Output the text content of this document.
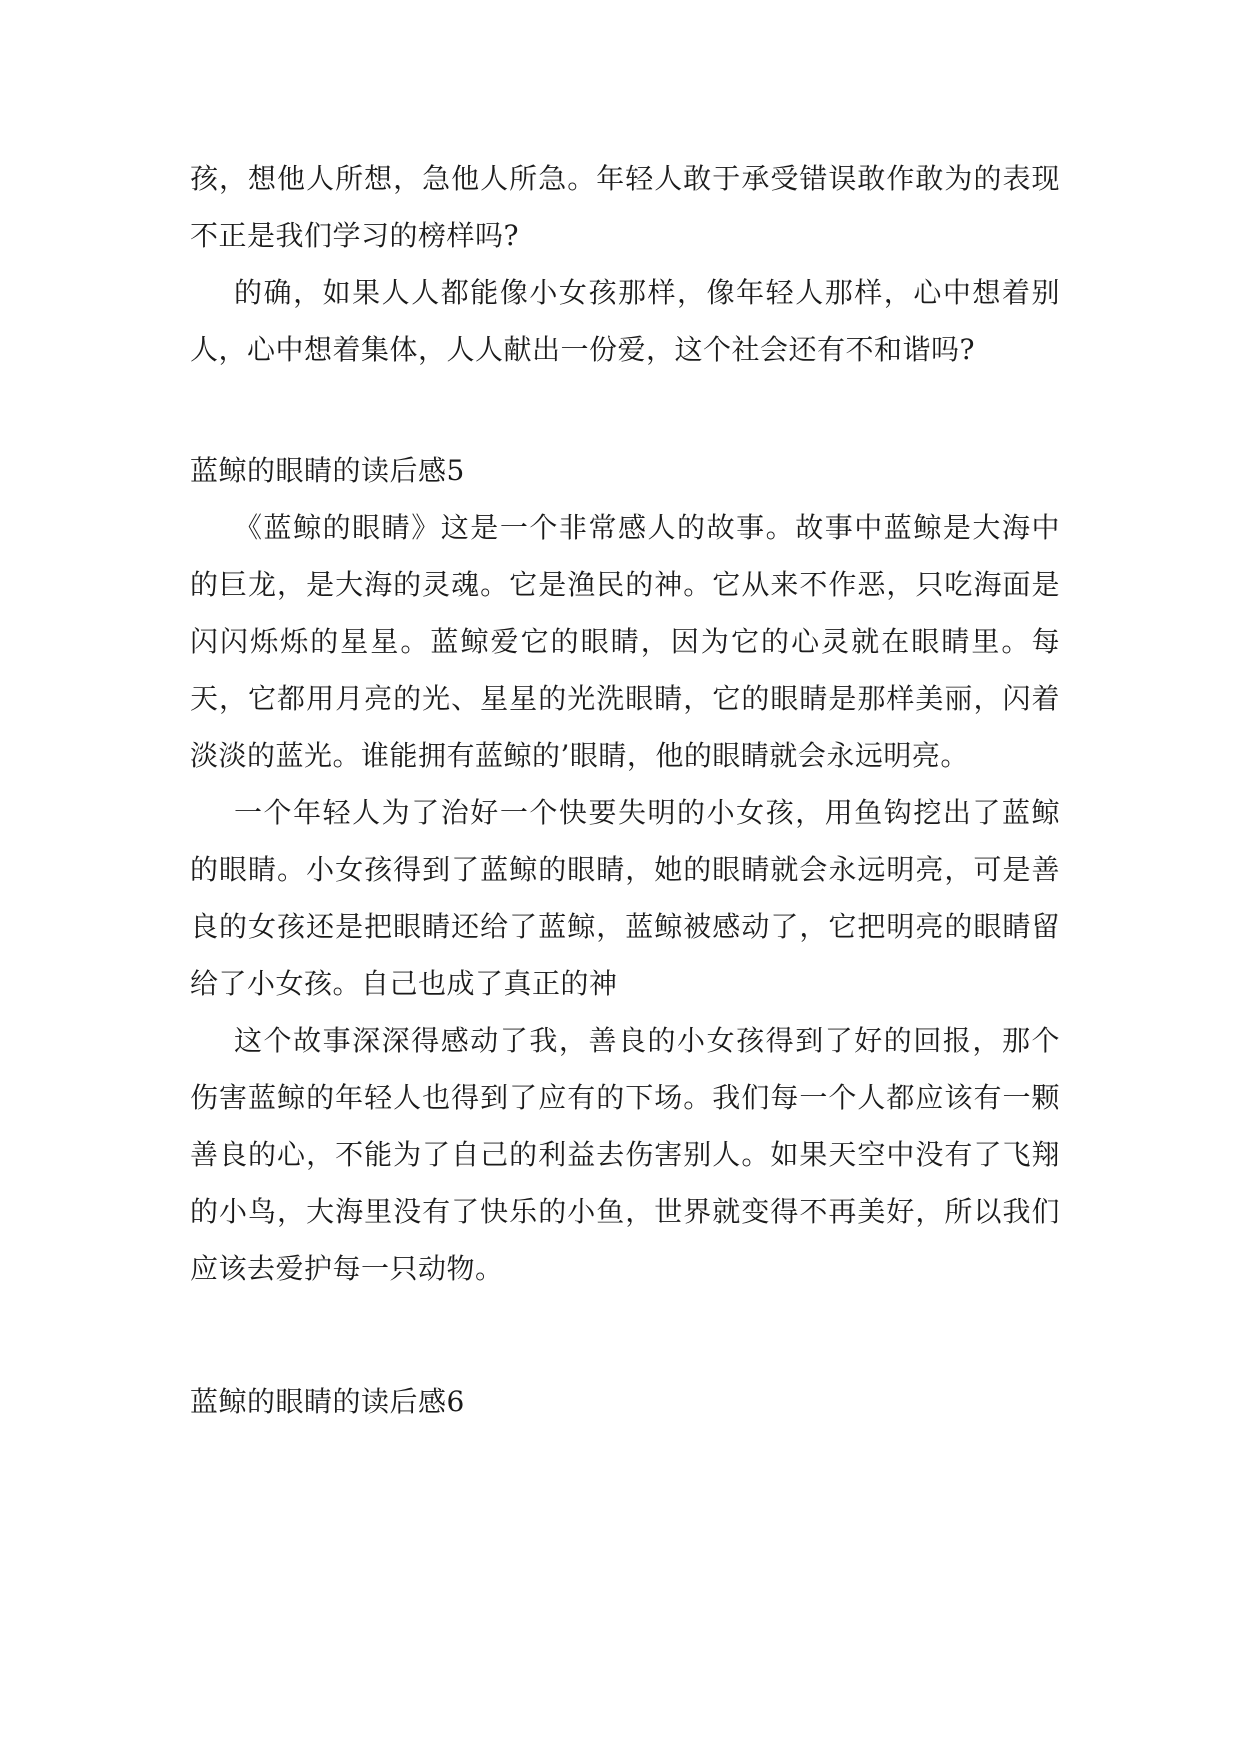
孩，想他人所想，急他人所急。年轻人敢于承受错误敢作敢为的表现不正是我们学习的榜样吗?

的确，如果人人都能像小女孩那样，像年轻人那样，心中想着别人，心中想着集体，人人献出一份爱，这个社会还有不和谐吗?

蓝鲸的眼睛的读后感5

《蓝鲸的眼睛》这是一个非常感人的故事。故事中蓝鲸是大海中的巨龙，是大海的灵魂。它是渔民的神。它从来不作恶，只吃海面是闪闪烁烁的星星。蓝鲸爱它的眼睛，因为它的心灵就在眼睛里。每天，它都用月亮的光、星星的光洗眼睛，它的眼睛是那样美丽，闪着淡淡的蓝光。谁能拥有蓝鲸的’眼睛，他的眼睛就会永远明亮。

一个年轻人为了治好一个快要失明的小女孩，用鱼钩挖出了蓝鲸的眼睛。小女孩得到了蓝鲸的眼睛，她的眼睛就会永远明亮，可是善良的女孩还是把眼睛还给了蓝鲸，蓝鲸被感动了，它把明亮的眼睛留给了小女孩。自己也成了真正的神

这个故事深深得感动了我，善良的小女孩得到了好的回报，那个伤害蓝鲸的年轻人也得到了应有的下场。我们每一个人都应该有一颗善良的心，不能为了自己的利益去伤害别人。如果天空中没有了飞翔的小鸟，大海里没有了快乐的小鱼，世界就变得不再美好，所以我们应该去爱护每一只动物。

蓝鲸的眼睛的读后感6
